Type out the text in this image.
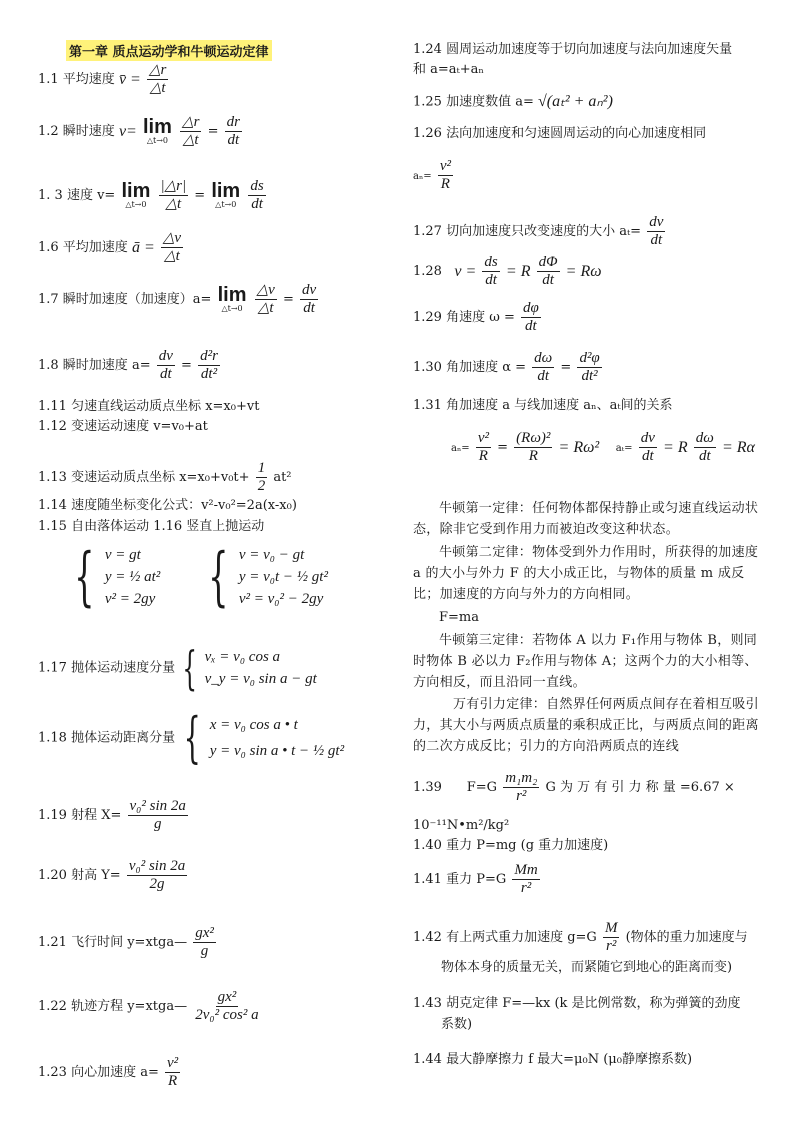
第一章 质点运动学和牛顿运动定律
1.1 平均速度 v̄ = $\frac{\triangle r}{\triangle t}$
1.2 瞬时速度 v= lim
△t→0
$\frac{\triangle r}{\triangle t} = \frac{dr}{dt}$
1. 3 速度 v= lim
△t→0
$\frac{|\triangle r|}{\triangle t} = \lim$
△t→0
$\frac{ds}{dt}$
1.6 平均加速度 ā = $\frac{\triangle v}{\triangle t}$
1.7 瞬时加速度（加速度）a= lim
△t→0
$\frac{\triangle v}{\triangle t} = \frac{dv}{dt}$
1.8 瞬时加速度 $a= \frac{dv}{dt} = \frac{\text{d²r}}{\text{dt²}}$
1.11 匀速直线运动质点坐标 x=x₀+vt
1.12 变速运动速度 v=v₀+at
1.13 变速运动质点坐标 $x=x_0+v_0t+ \frac{1}{2} at^2$
1.14 速度随坐标变化公式：v²-v₀²=2a(x-x₀)
1.15 自由落体运动 1.16 竖直上抛运动
{ v = gt
y = ½ at²
v² = 2gy { v = v₀ − gt
y = v₀t − ½ gt²
v² = v₀² − 2gy
1.17 抛体运动速度分量 { vₓ = v₀ cos a
v_y = v₀ sin a − gt
1.18 抛体运动距离分量 { x = v₀ cos a • t
y = v₀ sin a • t − ½ gt²
1.19 射程 $X= \frac{\text{v₀² sin 2a}}{g}$
1.20 射高 $Y= \frac{\text{v₀² sin 2a}}{2g}$
1.21 飞行时间 y=xtga— $\frac{\text{gx²}}{g}$
1.22 轨迹方程 y=xtga— $\frac{\text{gx²}}{\text{2v₀² cos² a}}$
1.23 向心加速度 $a= \frac{\text{v²}}{R}$
1.24 圆周运动加速度等于切向加速度与法向加速度矢量
和 a=aₜ+aₙ
1.25 加速度数值 a= √(aₜ² + aₙ²)
1.26 法向加速度和匀速圆周运动的向心加速度相同
$a_n= \frac{\text{v²}}{R}$
1.27 切向加速度只改变速度的大小 $a_t= \frac{dv}{dt}$
1.28 $v = \frac{ds}{dt} = R \frac{d\Phi}{dt} = R\omega$
1.29 角速度 $\omega = \frac{d\varphi}{dt}$
1.30 角加速度 $\alpha = \frac{d\omega}{dt} = \frac{\text{d²φ}}{\text{dt²}}$
1.31 角加速度 a 与线加速度 aₙ、aₜ间的关系
$a_n= \frac{\text{v²}}{R} = \frac{\text{(Rω)²}}{R} = R\omega^2$ $a_t= \frac{dv}{dt} = R \frac{d\omega}{dt} = R\alpha$
牛顿第一定律：任何物体都保持静止或匀速直线运动状态，除非它受到作用力而被迫改变这种状态。
牛顿第二定律：物体受到外力作用时，所获得的加速度 a 的大小与外力 F 的大小成正比，与物体的质量 m 成反比；加速度的方向与外力的方向相同。
F=ma
牛顿第三定律：若物体 A 以力 F₁作用与物体 B，则同时物体 B 必以力 F₂作用与物体 A；这两个力的大小相等、方向相反，而且沿同一直线。
万有引力定律：自然界任何两质点间存在着相互吸引力，其大小与两质点质量的乘积成正比，与两质点间的距离的二次方成反比；引力的方向沿两质点的连线
1.39 $F=G \frac{\text{m₁m₂}}{\text{r²}}$ G 为 万 有 引 力 称 量 =6.67 ×
10⁻¹¹N•m²/kg²
1.40 重力 P=mg (g 重力加速度)
1.41 重力 $P=G \frac{Mm}{\text{r²}}$
1.42 有上两式重力加速度 $g=G \frac{M}{\text{r²}}$ (物体的重力加速度与
物体本身的质量无关，而紧随它到地心的距离而变)
1.43 胡克定律 F=—kx (k 是比例常数，称为弹簧的劲度
系数)
1.44 最大静摩擦力 f 最大=μ₀N (μ₀静摩擦系数)
